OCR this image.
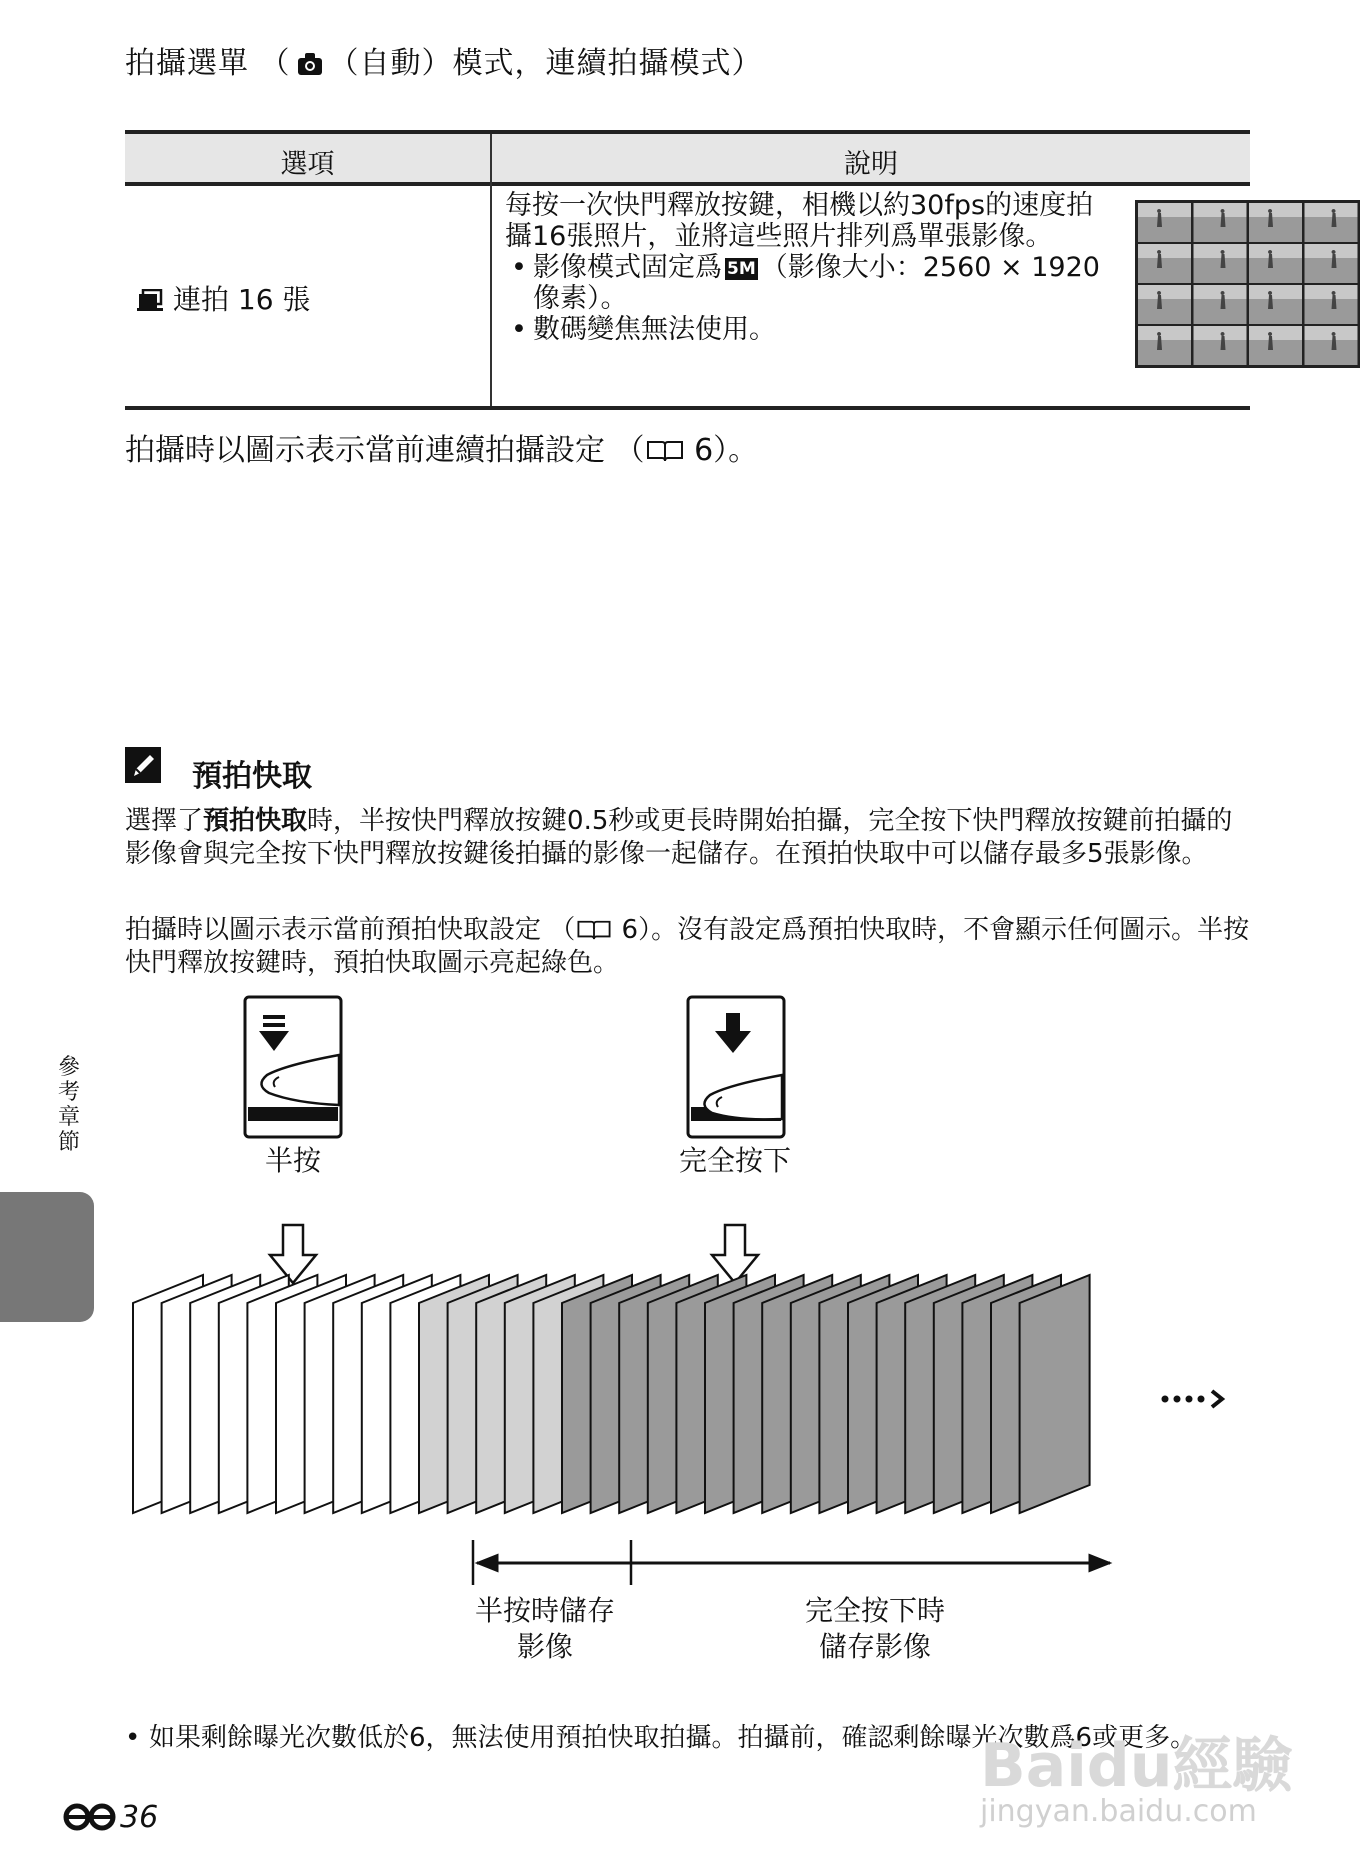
拍攝選單 （ （自動）模式，連續拍攝模式）
選項	說明
連拍 16 張

每按一次快門釋放按鍵，相機以約30fps的速度拍攝16張照片，並將這些照片排列爲單張影像。

• 影像模式固定爲 5M （影像大小：2560 × 1920 像素）。
• 數碼變焦無法使用。
拍攝時以圖示表示當前連續拍攝設定 （ 6）。
預拍快取
選擇了預拍快取時，半按快門釋放按鍵0.5秒或更長時開始拍攝，完全按下快門釋放按鍵前拍攝的影像會與完全按下快門釋放按鍵後拍攝的影像一起儲存。在預拍快取中可以儲存最多5張影像。
拍攝時以圖示表示當前預拍快取設定 （ 6）。沒有設定爲預拍快取時，不會顯示任何圖示。半按快門釋放按鍵時，預拍快取圖示亮起綠色。
參考章節
半按	完全按下
半按時儲存
影像
完全按下時
儲存影像
• 如果剩餘曝光次數低於6，無法使用預拍快取拍攝。拍攝前，確認剩餘曝光次數爲6或更多。
36
Baidu經驗
jingyan.baidu.com
